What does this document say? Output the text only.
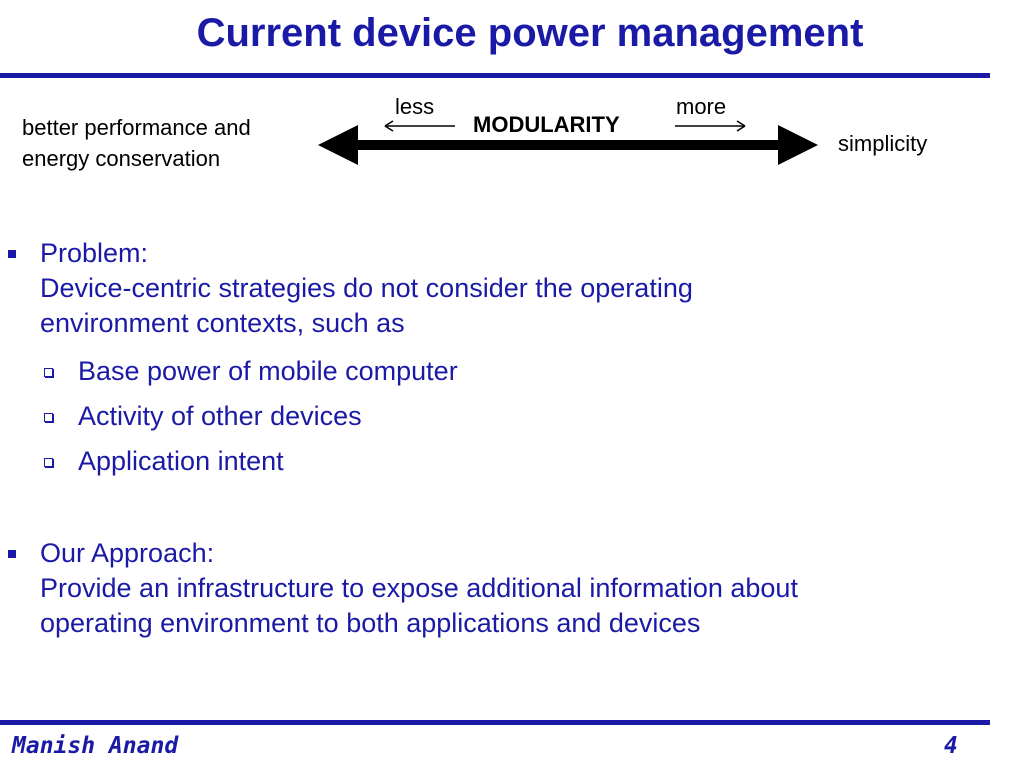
Current device power management
better performance and
energy conservation
less	more
MODULARITY
simplicity
Problem:
Device-centric strategies do not consider the operating
environment contexts, such as
Base power of mobile computer
Activity of other devices
Application intent
Our Approach:
Provide an infrastructure to expose additional information about
operating environment to both applications and devices
Manish Anand	4
